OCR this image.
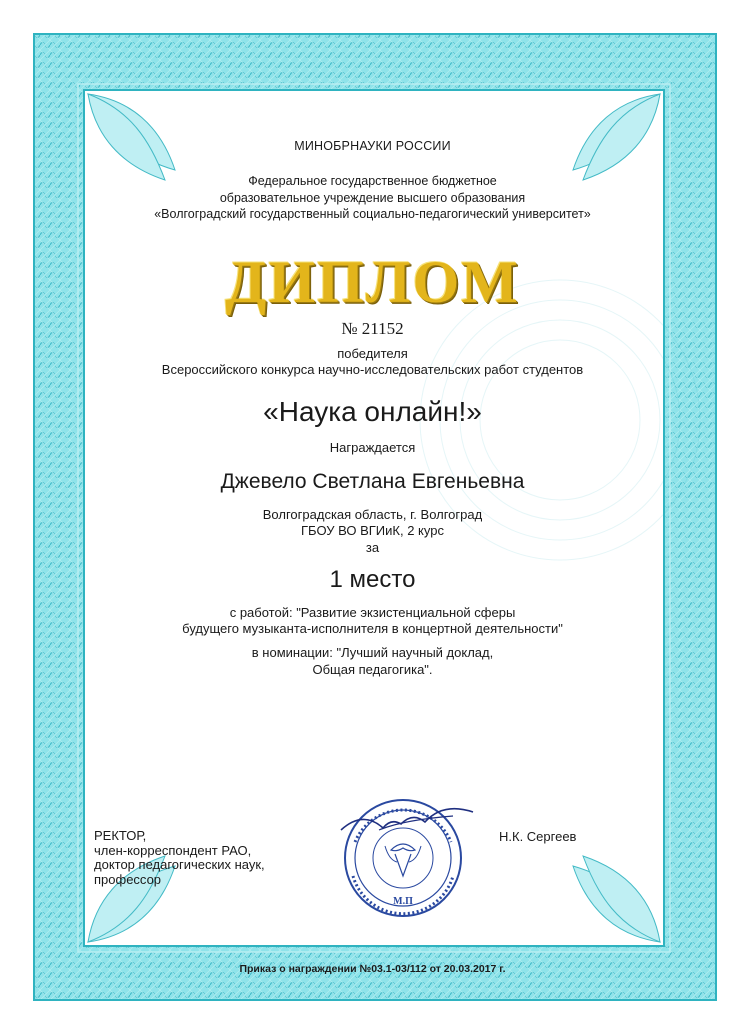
МИНОБРНАУКИ РОССИИ
Федеральное государственное бюджетное
образовательное учреждение высшего образования
«Волгоградский государственный социально-педагогический университет»
ДИПЛОМ
№ 21152
победителя
Всероссийского конкурса научно-исследовательских работ студентов
«Наука онлайн!»
Награждается
Джевело Светлана Евгеньевна
Волгоградская область, г. Волгоград
ГБОУ ВО ВГИиК, 2 курс
за
1 место
с работой: "Развитие экзистенциальной сферы
будущего музыканта-исполнителя в концертной деятельности"
в номинации: "Лучший научный доклад,
Общая педагогика".
РЕКТОР,
член-корреспондент РАО,
доктор педагогических наук,
профессор
Н.К. Сергеев
М.П
Приказ о награждении №03.1-03/112 от 20.03.2017 г.
